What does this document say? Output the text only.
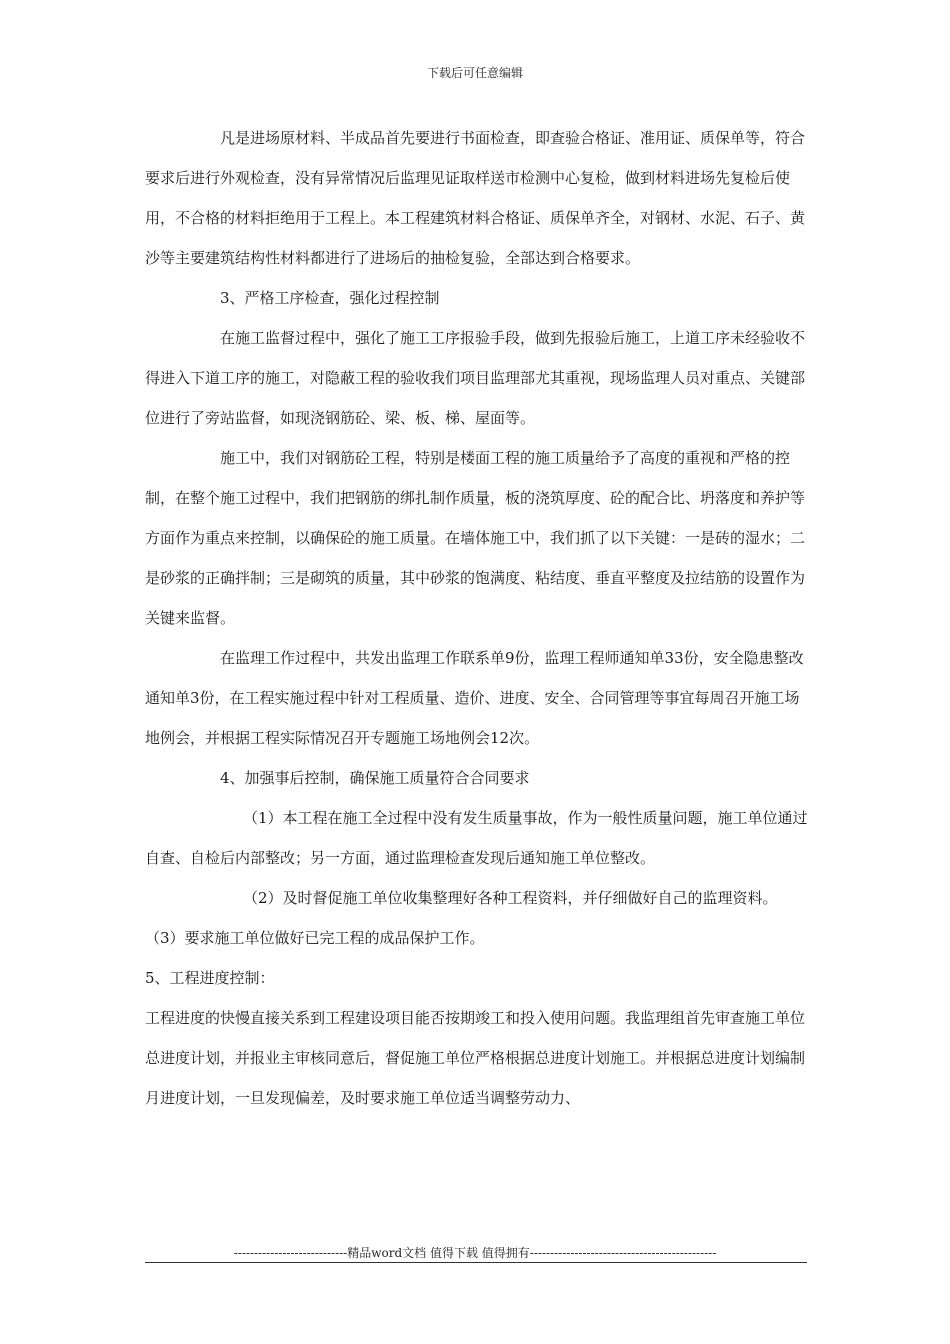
下载后可任意编辑

凡是进场原材料、半成品首先要进行书面检查，即查验合格证、准用证、质保单等，符合要求后进行外观检查，没有异常情况后监理见证取样送市检测中心复检，做到材料进场先复检后使用，不合格的材料拒绝用于工程上。本工程建筑材料合格证、质保单齐全，对钢材、水泥、石子、黄沙等主要建筑结构性材料都进行了进场后的抽检复验，全部达到合格要求。

3、严格工序检查，强化过程控制

在施工监督过程中，强化了施工工序报验手段，做到先报验后施工，上道工序未经验收不得进入下道工序的施工，对隐蔽工程的验收我们项目监理部尤其重视，现场监理人员对重点、关键部位进行了旁站监督，如现浇钢筋砼、梁、板、梯、屋面等。

施工中，我们对钢筋砼工程，特别是楼面工程的施工质量给予了高度的重视和严格的控制，在整个施工过程中，我们把钢筋的绑扎制作质量，板的浇筑厚度、砼的配合比、坍落度和养护等方面作为重点来控制，以确保砼的施工质量。在墙体施工中，我们抓了以下关键：一是砖的湿水；二是砂浆的正确拌制；三是砌筑的质量，其中砂浆的饱满度、粘结度、垂直平整度及拉结筋的设置作为关键来监督。

在监理工作过程中，共发出监理工作联系单9份，监理工程师通知单33份，安全隐患整改通知单3份，在工程实施过程中针对工程质量、造价、进度、安全、合同管理等事宜每周召开施工场地例会，并根据工程实际情况召开专题施工场地例会12次。

4、加强事后控制，确保施工质量符合合同要求

（1）本工程在施工全过程中没有发生质量事故，作为一般性质量问题，施工单位通过自查、自检后内部整改；另一方面，通过监理检查发现后通知施工单位整改。

（2）及时督促施工单位收集整理好各种工程资料，并仔细做好自己的监理资料。

（3）要求施工单位做好已完工程的成品保护工作。

5、工程进度控制：

工程进度的快慢直接关系到工程建设项目能否按期竣工和投入使用问题。我监理组首先审查施工单位总进度计划，并报业主审核同意后，督促施工单位严格根据总进度计划施工。并根据总进度计划编制月进度计划，一旦发现偏差，及时要求施工单位适当调整劳动力、

----------------------------精品word文档 值得下载 值得拥有----------------------------------------------
